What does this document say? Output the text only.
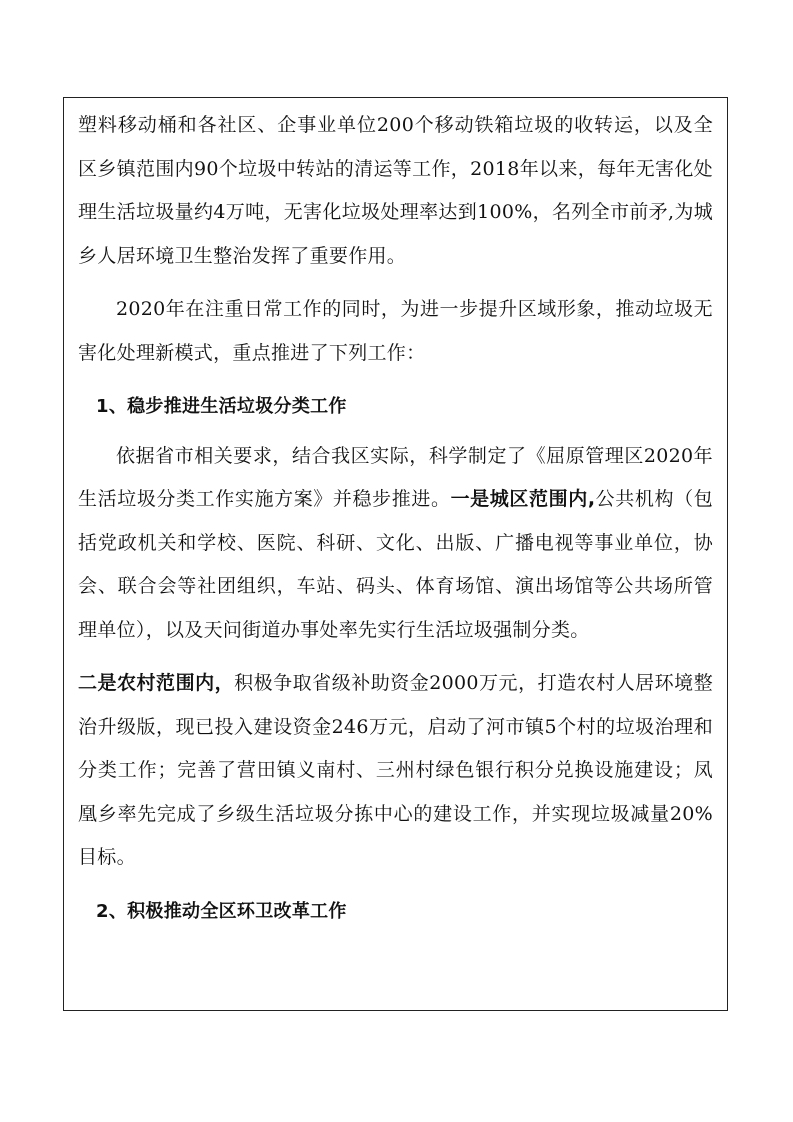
塑料移动桶和各社区、企事业单位200个移动铁箱垃圾的收转运，以及全区乡镇范围内90个垃圾中转站的清运等工作，2018年以来，每年无害化处理生活垃圾量约4万吨，无害化垃圾处理率达到100%，名列全市前矛,为城乡人居环境卫生整治发挥了重要作用。

2020年在注重日常工作的同时，为进一步提升区域形象，推动垃圾无害化处理新模式，重点推进了下列工作：

1、稳步推进生活垃圾分类工作

依据省市相关要求，结合我区实际，科学制定了《屈原管理区2020年生活垃圾分类工作实施方案》并稳步推进。一是城区范围内,公共机构（包括党政机关和学校、医院、科研、文化、出版、广播电视等事业单位，协会、联合会等社团组织，车站、码头、体育场馆、演出场馆等公共场所管理单位），以及天问街道办事处率先实行生活垃圾强制分类。

二是农村范围内，积极争取省级补助资金2000万元，打造农村人居环境整治升级版，现已投入建设资金246万元，启动了河市镇5个村的垃圾治理和分类工作；完善了营田镇义南村、三州村绿色银行积分兑换设施建设；凤凰乡率先完成了乡级生活垃圾分拣中心的建设工作，并实现垃圾减量20%目标。

2、积极推动全区环卫改革工作
